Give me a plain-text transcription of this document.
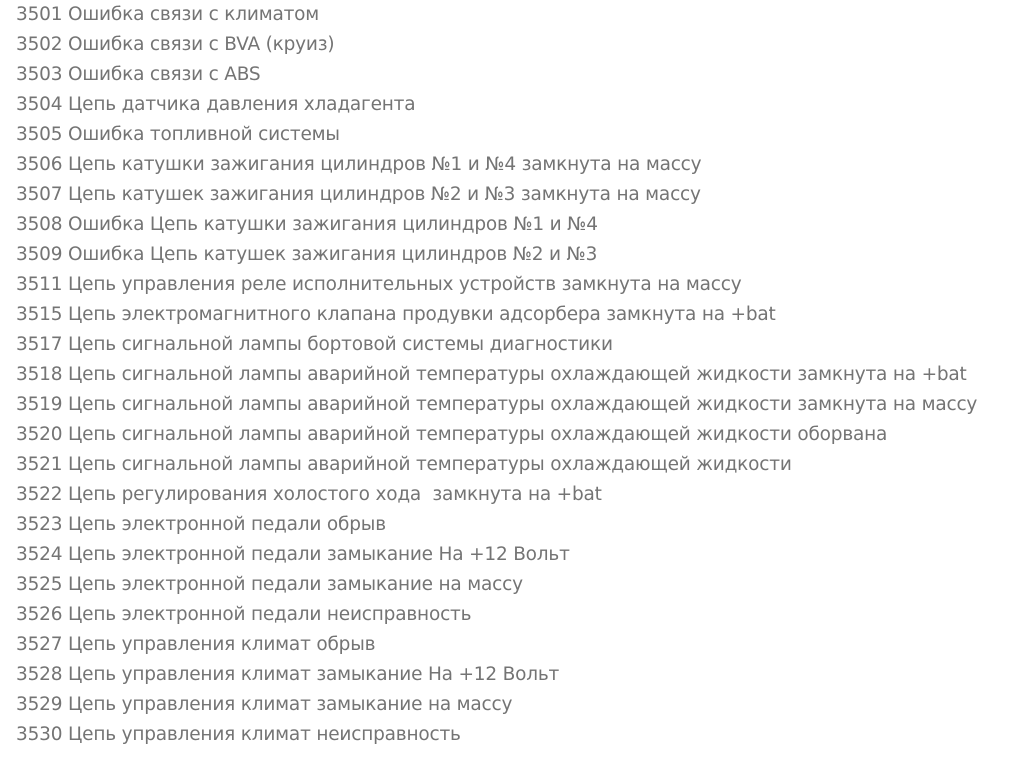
3501 Ошибка связи с климатом
3502 Ошибка связи с BVA (круиз)
3503 Ошибка связи с ABS
3504 Цепь датчика давления хладагента
3505 Ошибка топливной системы
3506 Цепь катушки зажигания цилиндров №1 и №4 замкнута на массу
3507 Цепь катушек зажигания цилиндров №2 и №3 замкнута на массу
3508 Ошибка Цепь катушки зажигания цилиндров №1 и №4
3509 Ошибка Цепь катушек зажигания цилиндров №2 и №3
3511 Цепь управления реле исполнительных устройств замкнута на массу
3515 Цепь электромагнитного клапана продувки адсорбера замкнута на +bat
3517 Цепь сигнальной лампы бортовой системы диагностики
3518 Цепь сигнальной лампы аварийной температуры охлаждающей жидкости замкнута на +bat
3519 Цепь сигнальной лампы аварийной температуры охлаждающей жидкости замкнута на массу
3520 Цепь сигнальной лампы аварийной температуры охлаждающей жидкости оборвана
3521 Цепь сигнальной лампы аварийной температуры охлаждающей жидкости
3522 Цепь регулирования холостого хода  замкнута на +bat
3523 Цепь электронной педали обрыв
3524 Цепь электронной педали замыкание На +12 Вольт
3525 Цепь электронной педали замыкание на массу
3526 Цепь электронной педали неисправность
3527 Цепь управления климат обрыв
3528 Цепь управления климат замыкание На +12 Вольт
3529 Цепь управления климат замыкание на массу
3530 Цепь управления климат неисправность
